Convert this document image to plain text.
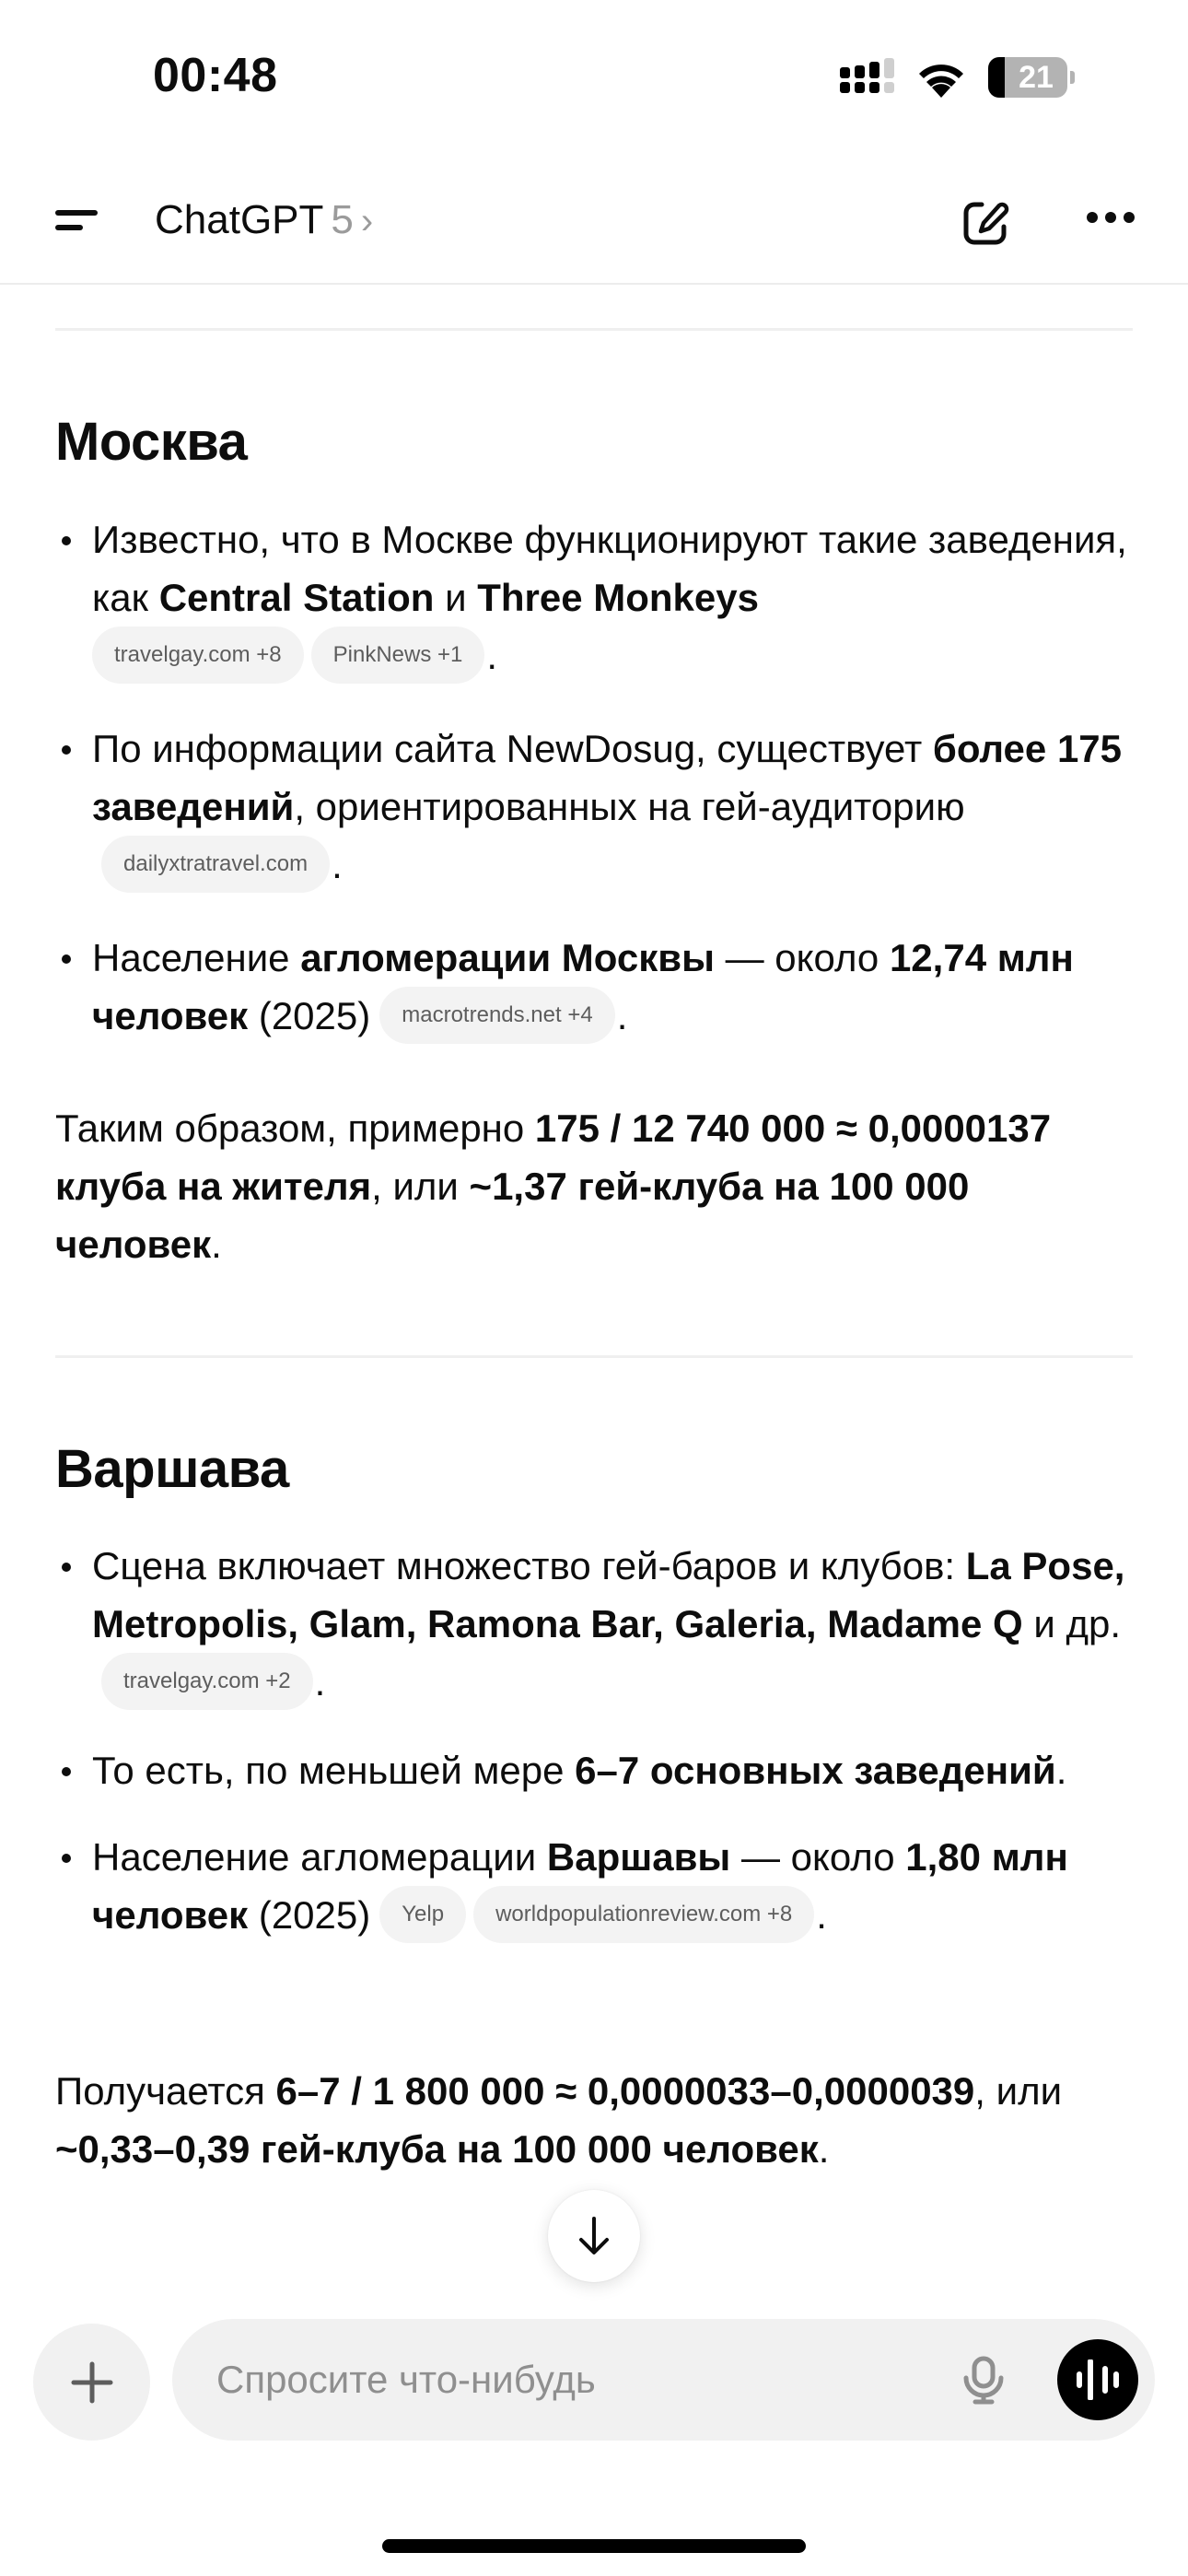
00:48	21
ChatGPT 5 ›
Москва
Известно, что в Москве функционируют такие заведения, как Central Station и Three Monkeys
travelgay.com +8 PinkNews +1 .
По информации сайта NewDosug, существует более 175 заведений, ориентированных на гей-аудиториюdailyxtratravel.com .
Население агломерации Москвы — около 12,74 млн человек (2025) macrotrends.net +4 .

Таким образом, примерно 175 / 12 740 000 ≈ 0,0000137 клуба на жителя, или ~1,37 гей-клуба на 100 000 человек.

Варшава
Сцена включает множество гей-баров и клубов: La Pose, Metropolis, Glam, Ramona Bar, Galeria, Madame Q и др.travelgay.com +2 .
То есть, по меньшей мере 6–7 основных заведений.
Население агломерации Варшавы — около 1,80 млн человек (2025) Yelp worldpopulationreview.com +8 .

Получается 6–7 / 1 800 000 ≈ 0,0000033–0,0000039, или ~0,33–0,39 гей-клуба на 100 000 человек.

Спросите что-нибудь
